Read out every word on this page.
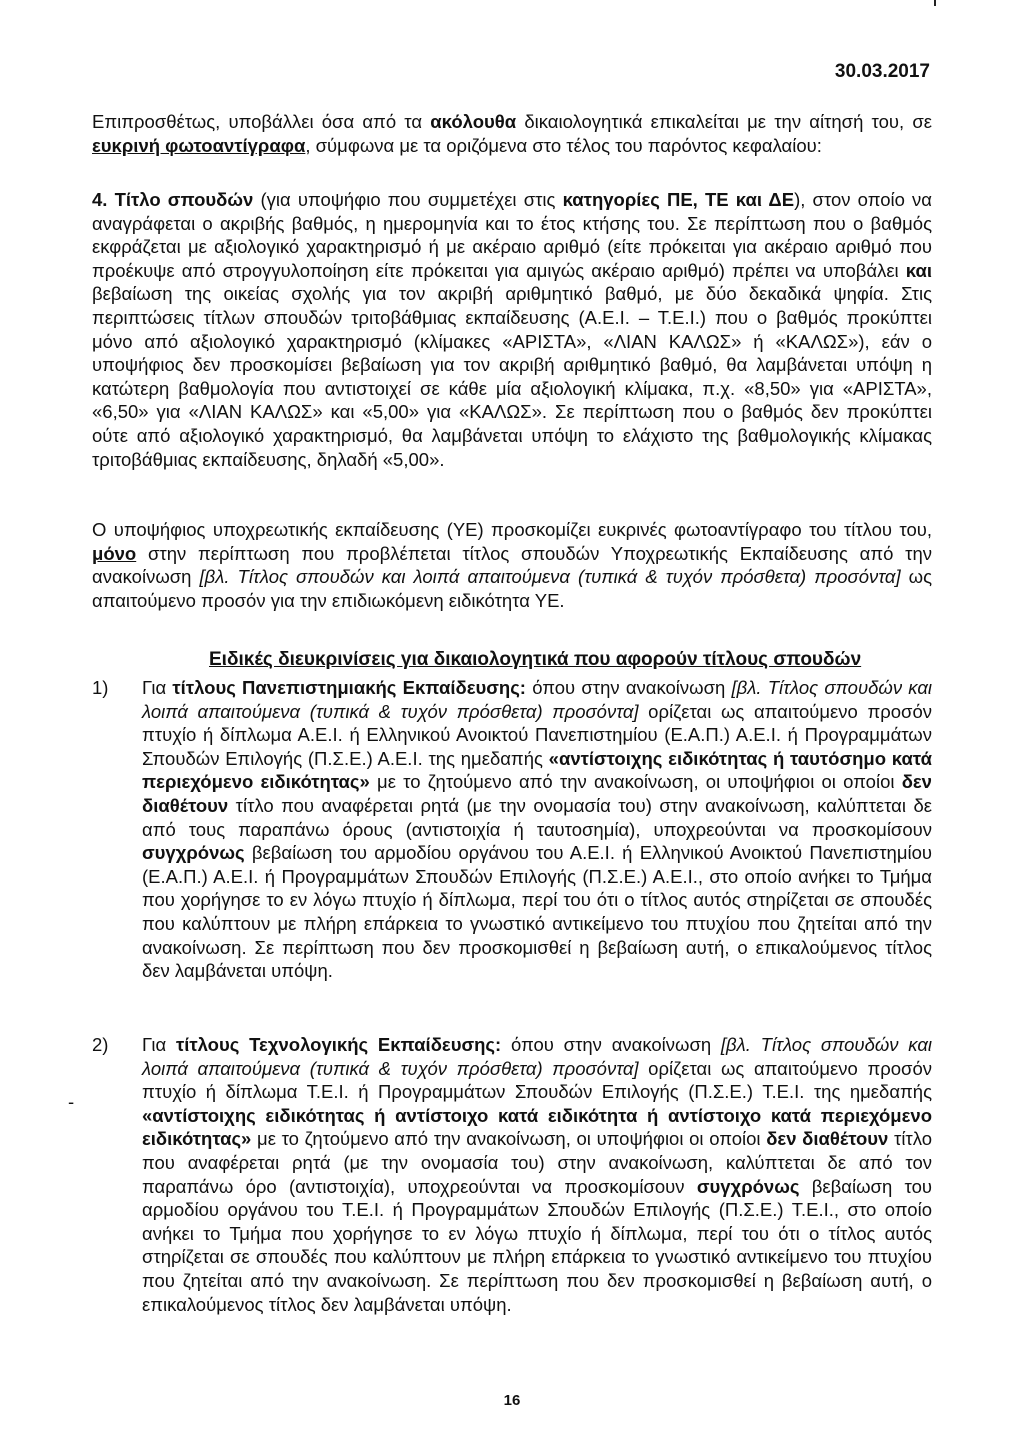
30.03.2017

Επιπροσθέτως, υποβάλλει όσα από τα ακόλουθα δικαιολογητικά επικαλείται με την αίτησή του, σε ευκρινή φωτοαντίγραφα, σύμφωνα με τα οριζόμενα στο τέλος του παρόντος κεφαλαίου:

4. Τίτλο σπουδών (για υποψήφιο που συμμετέχει στις κατηγορίες ΠΕ, ΤΕ και ΔΕ), στον οποίο να αναγράφεται ο ακριβής βαθμός, η ημερομηνία και το έτος κτήσης του. Σε περίπτωση που ο βαθμός εκφράζεται με αξιολογικό χαρακτηρισμό ή με ακέραιο αριθμό (είτε πρόκειται για ακέραιο αριθμό που προέκυψε από στρογγυλοποίηση είτε πρόκειται για αμιγώς ακέραιο αριθμό) πρέπει να υποβάλει και βεβαίωση της οικείας σχολής για τον ακριβή αριθμητικό βαθμό, με δύο δεκαδικά ψηφία. Στις περιπτώσεις τίτλων σπουδών τριτοβάθμιας εκπαίδευσης (Α.Ε.Ι. – Τ.Ε.Ι.) που ο βαθμός προκύπτει μόνο από αξιολογικό χαρακτηρισμό (κλίμακες «ΑΡΙΣΤΑ», «ΛΙΑΝ ΚΑΛΩΣ» ή «ΚΑΛΩΣ»), εάν ο υποψήφιος δεν προσκομίσει βεβαίωση για τον ακριβή αριθμητικό βαθμό, θα λαμβάνεται υπόψη η κατώτερη βαθμολογία που αντιστοιχεί σε κάθε μία αξιολογική κλίμακα, π.χ. «8,50» για «ΑΡΙΣΤΑ», «6,50» για «ΛΙΑΝ ΚΑΛΩΣ» και «5,00» για «ΚΑΛΩΣ». Σε περίπτωση που ο βαθμός δεν προκύπτει ούτε από αξιολογικό χαρακτηρισμό, θα λαμβάνεται υπόψη το ελάχιστο της βαθμολογικής κλίμακας τριτοβάθμιας εκπαίδευσης, δηλαδή «5,00».

Ο υποψήφιος υποχρεωτικής εκπαίδευσης (ΥΕ) προσκομίζει ευκρινές φωτοαντίγραφο του τίτλου του, μόνο στην περίπτωση που προβλέπεται τίτλος σπουδών Υποχρεωτικής Εκπαίδευσης από την ανακοίνωση [βλ. Τίτλος σπουδών και λοιπά απαιτούμενα (τυπικά & τυχόν πρόσθετα) προσόντα] ως απαιτούμενο προσόν για την επιδιωκόμενη ειδικότητα ΥΕ.

Ειδικές διευκρινίσεις για δικαιολογητικά που αφορούν τίτλους σπουδών
1) Για τίτλους Πανεπιστημιακής Εκπαίδευσης: όπου στην ανακοίνωση [βλ. Τίτλος σπουδών και λοιπά απαιτούμενα (τυπικά & τυχόν πρόσθετα) προσόντα] ορίζεται ως απαιτούμενο προσόν πτυχίο ή δίπλωμα Α.Ε.Ι. ή Ελληνικού Ανοικτού Πανεπιστημίου (Ε.Α.Π.) Α.Ε.Ι. ή Προγραμμάτων Σπουδών Επιλογής (Π.Σ.Ε.) Α.Ε.Ι. της ημεδαπής «αντίστοιχης ειδικότητας ή ταυτόσημο κατά περιεχόμενο ειδικότητας» με το ζητούμενο από την ανακοίνωση, οι υποψήφιοι οι οποίοι δεν διαθέτουν τίτλο που αναφέρεται ρητά (με την ονομασία του) στην ανακοίνωση, καλύπτεται δε από τους παραπάνω όρους (αντιστοιχία ή ταυτοσημία), υποχρεούνται να προσκομίσουν συγχρόνως βεβαίωση του αρμοδίου οργάνου του Α.Ε.Ι. ή Ελληνικού Ανοικτού Πανεπιστημίου (Ε.Α.Π.) Α.Ε.Ι. ή Προγραμμάτων Σπουδών Επιλογής (Π.Σ.Ε.) Α.Ε.Ι., στο οποίο ανήκει το Τμήμα που χορήγησε το εν λόγω πτυχίο ή δίπλωμα, περί του ότι ο τίτλος αυτός στηρίζεται σε σπουδές που καλύπτουν με πλήρη επάρκεια το γνωστικό αντικείμενο του πτυχίου που ζητείται από την ανακοίνωση. Σε περίπτωση που δεν προσκομισθεί η βεβαίωση αυτή, ο επικαλούμενος τίτλος δεν λαμβάνεται υπόψη.
-
2) Για τίτλους Τεχνολογικής Εκπαίδευσης: όπου στην ανακοίνωση [βλ. Τίτλος σπουδών και λοιπά απαιτούμενα (τυπικά & τυχόν πρόσθετα) προσόντα] ορίζεται ως απαιτούμενο προσόν πτυχίο ή δίπλωμα Τ.Ε.Ι. ή Προγραμμάτων Σπουδών Επιλογής (Π.Σ.Ε.) Τ.Ε.Ι. της ημεδαπής «αντίστοιχης ειδικότητας ή αντίστοιχο κατά ειδικότητα ή αντίστοιχο κατά περιεχόμενο ειδικότητας» με το ζητούμενο από την ανακοίνωση, οι υποψήφιοι οι οποίοι δεν διαθέτουν τίτλο που αναφέρεται ρητά (με την ονομασία του) στην ανακοίνωση, καλύπτεται δε από τον παραπάνω όρο (αντιστοιχία), υποχρεούνται να προσκομίσουν συγχρόνως βεβαίωση του αρμοδίου οργάνου του Τ.Ε.Ι. ή Προγραμμάτων Σπουδών Επιλογής (Π.Σ.Ε.) Τ.Ε.Ι., στο οποίο ανήκει το Τμήμα που χορήγησε το εν λόγω πτυχίο ή δίπλωμα, περί του ότι ο τίτλος αυτός στηρίζεται σε σπουδές που καλύπτουν με πλήρη επάρκεια το γνωστικό αντικείμενο του πτυχίου που ζητείται από την ανακοίνωση. Σε περίπτωση που δεν προσκομισθεί η βεβαίωση αυτή, ο επικαλούμενος τίτλος δεν λαμβάνεται υπόψη.
16
